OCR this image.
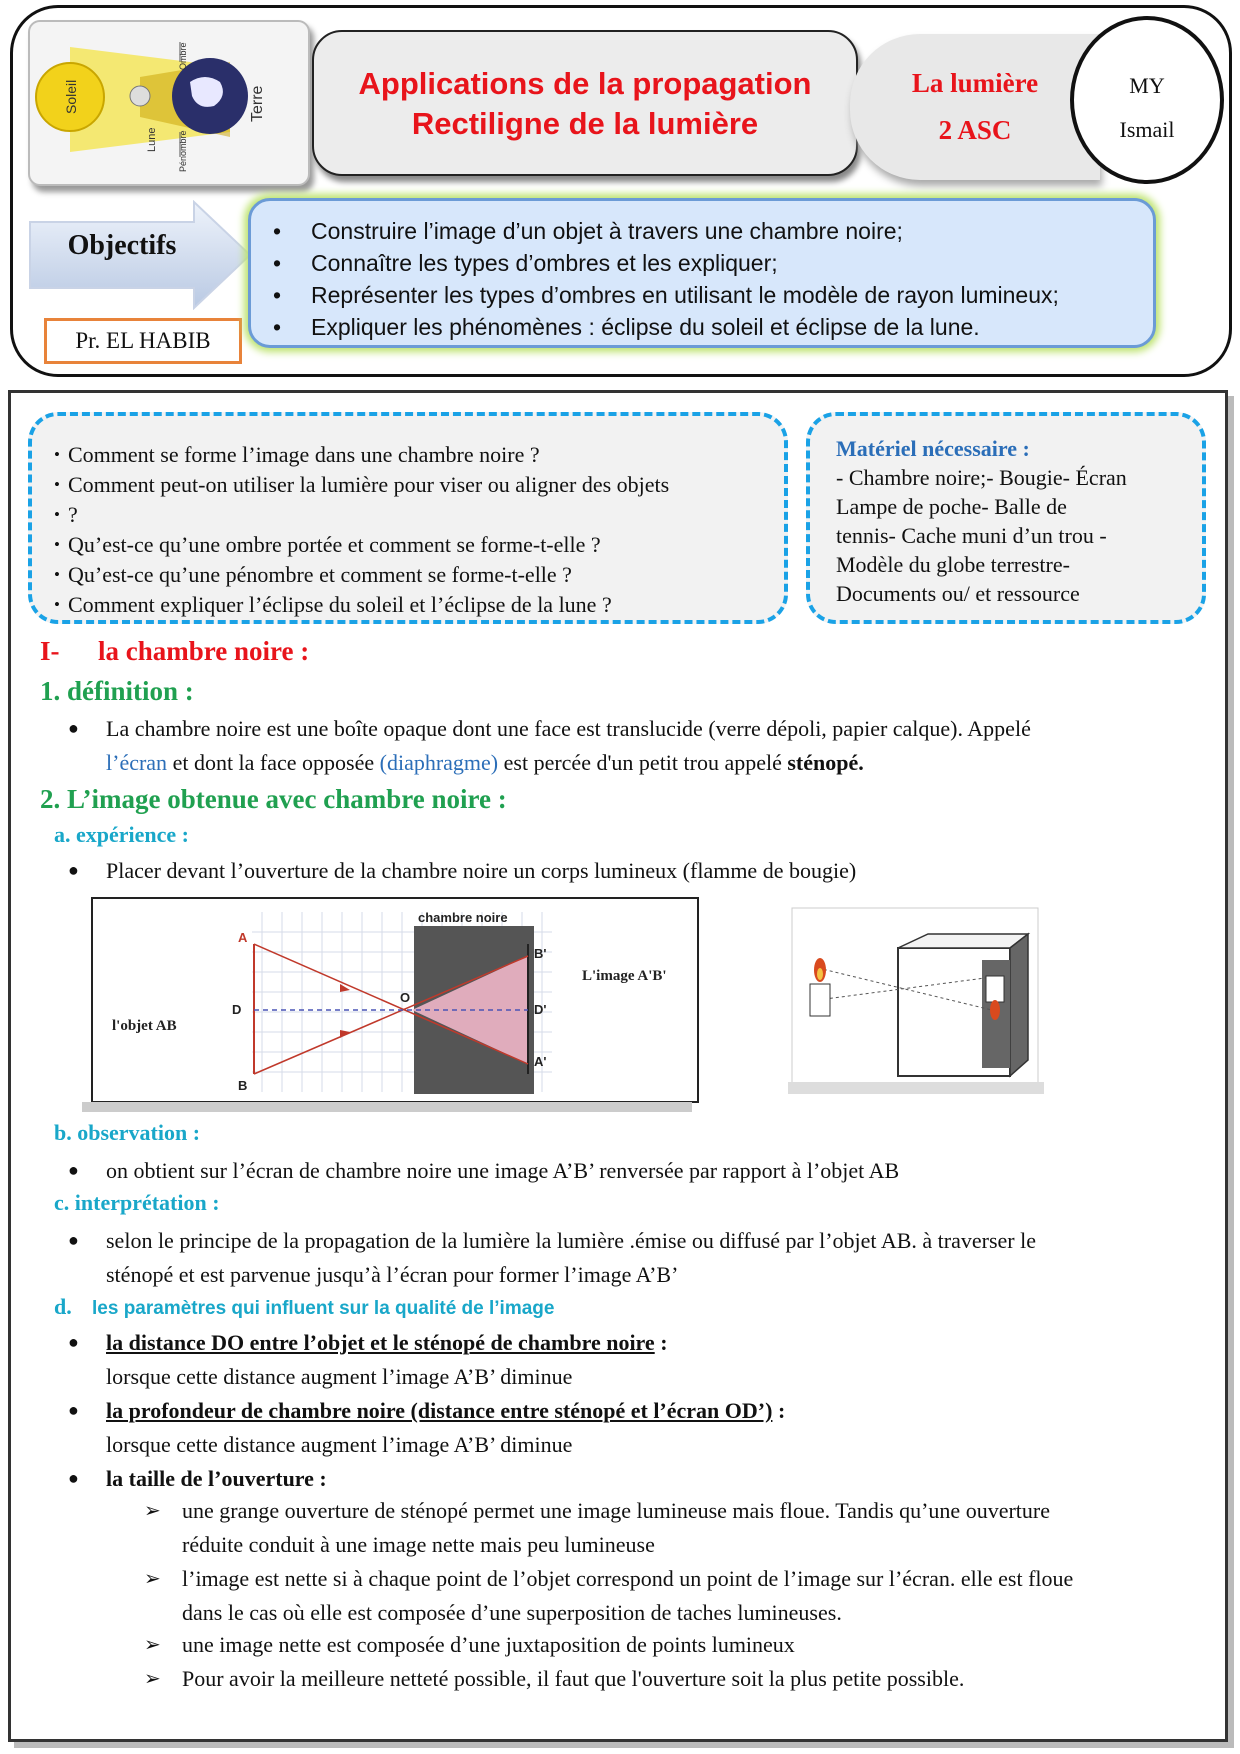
Soleil
Lune
Terre
Ombre
Pénombre
Applications de la propagation
Rectiligne de la lumière
La lumière
2 ASC
MY
Ismail
Objectifs
Pr. EL HABIB
• Construire l’image d’un objet à travers une chambre noire;
• Connaître les types d’ombres et les expliquer;
• Représenter les types d’ombres en utilisant le modèle de rayon lumineux;
• Expliquer les phénomènes : éclipse du soleil et éclipse de la lune.
• Comment se forme l’image dans une chambre noire ?
• Comment peut-on utiliser la lumière pour viser ou aligner des objets
• ?
• Qu’est-ce qu’une ombre portée et comment se forme-t-elle ?
• Qu’est-ce qu’une pénombre et comment se forme-t-elle ?
• Comment expliquer l’éclipse du soleil et l’éclipse de la lune ?
Matériel nécessaire :
- Chambre noire;- Bougie- Écran
Lampe de poche- Balle de
tennis- Cache muni d’un trou -
Modèle du globe terrestre-
Documents ou/ et ressource
I- la chambre noire :
1. définition :
● La chambre noire est une boîte opaque dont une face est translucide (verre dépoli, papier calque). Appelé
l’écran et dont la face opposée (diaphragme) est percée d'un petit trou appelé sténopé.
2. L’image obtenue avec chambre noire :
a. expérience :
● Placer devant l’ouverture de la chambre noire un corps lumineux (flamme de bougie)
chambre noire
A
B
D
O
B'
D'
A'
l'objet AB
L'image A'B'
b. observation :
● on obtient sur l’écran de chambre noire une image A’B’ renversée par rapport à l’objet AB
c. interprétation :
● selon le principe de la propagation de la lumière la lumière .émise ou diffusé par l’objet AB. à traverser le
sténopé et est parvenue jusqu’à l’écran pour former l’image A’B’
d. les paramètres qui influent sur la qualité de l’image
● la distance DO entre l’objet et le sténopé de chambre noire :
lorsque cette distance augment l’image A’B’ diminue
● la profondeur de chambre noire (distance entre sténopé et l’écran OD’) :
lorsque cette distance augment l’image A’B’ diminue
● la taille de l’ouverture :
➢ une grange ouverture de sténopé permet une image lumineuse mais floue. Tandis qu’une ouverture
réduite conduit à une image nette mais peu lumineuse
➢ l’image est nette si à chaque point de l’objet correspond un point de l’image sur l’écran. elle est floue
dans le cas où elle est composée d’une superposition de taches lumineuses.
➢ une image nette est composée d’une juxtaposition de points lumineux
➢ Pour avoir la meilleure netteté possible, il faut que l'ouverture soit la plus petite possible.
